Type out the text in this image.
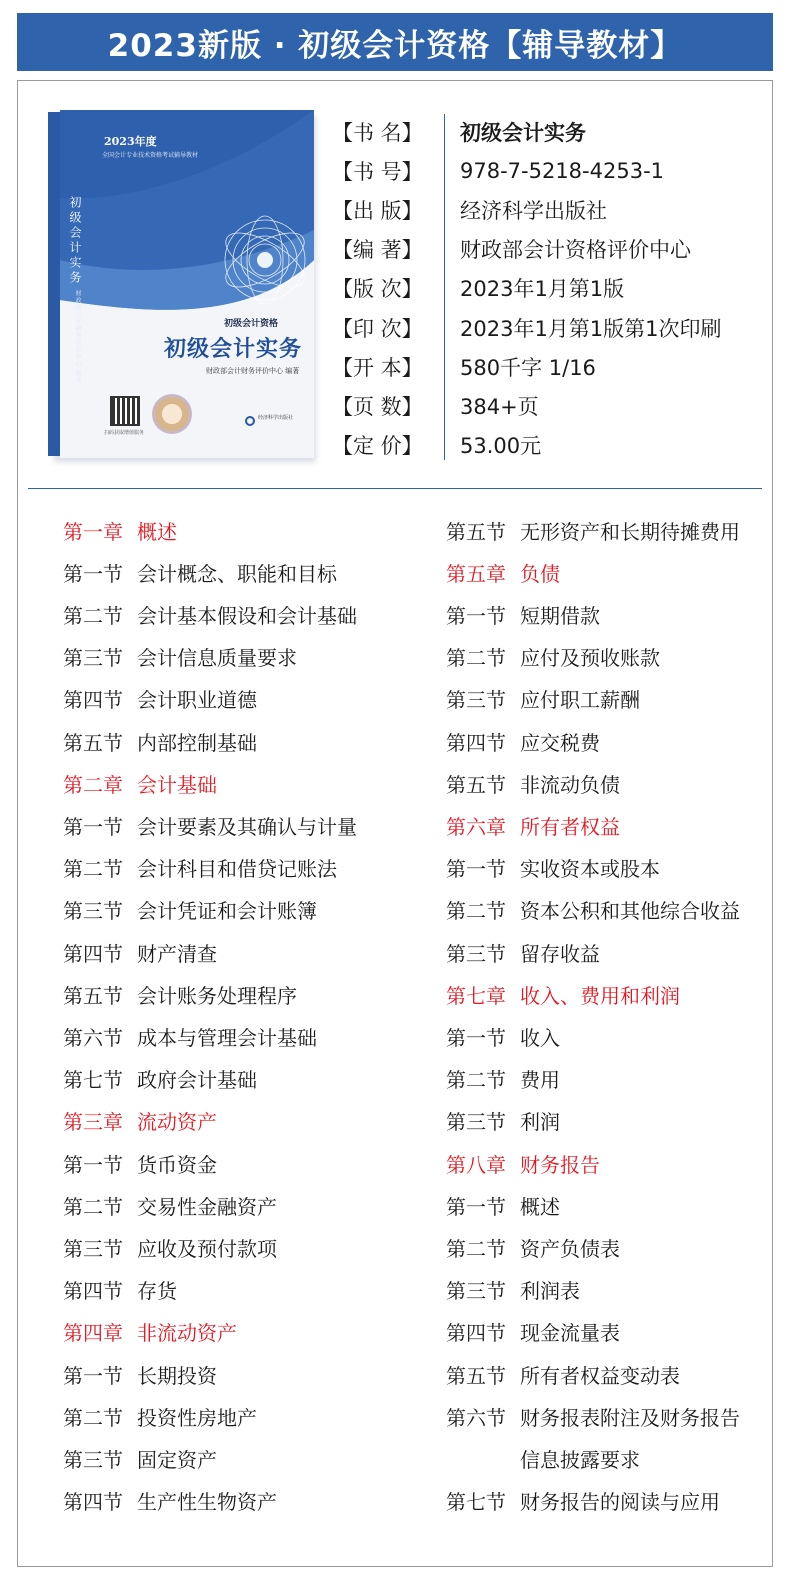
2023新版 · 初级会计资格【辅导教材】
2023年度
全国会计专业技术资格考试辅导教材
初级会计实务
财政部会计财务评价中心 编著	初级会计资格
初级会计实务
财政部会计财务评价中心 编著
扫码获取增值服务
经济科学出版社
【书 名】	初级会计实务
【书 号】	978-7-5218-4253-1
【出 版】	经济科学出版社
【编 著】	财政部会计资格评价中心
【版 次】	2023年1月第1版
【印 次】	2023年1月第1版第1次印刷
【开 本】	580千字 1/16
【页 数】	384+页
【定 价】	53.00元
第一章 概述
第一节 会计概念、职能和目标
第二节 会计基本假设和会计基础
第三节 会计信息质量要求
第四节 会计职业道德
第五节 内部控制基础
第二章 会计基础
第一节 会计要素及其确认与计量
第二节 会计科目和借贷记账法
第三节 会计凭证和会计账簿
第四节 财产清查
第五节 会计账务处理程序
第六节 成本与管理会计基础
第七节 政府会计基础
第三章 流动资产
第一节 货币资金
第二节 交易性金融资产
第三节 应收及预付款项
第四节 存货
第四章 非流动资产
第一节 长期投资
第二节 投资性房地产
第三节 固定资产
第四节 生产性生物资产
第五节 无形资产和长期待摊费用
第五章 负债
第一节 短期借款
第二节 应付及预收账款
第三节 应付职工薪酬
第四节 应交税费
第五节 非流动负债
第六章 所有者权益
第一节 实收资本或股本
第二节 资本公积和其他综合收益
第三节 留存收益
第七章 收入、费用和利润
第一节 收入
第二节 费用
第三节 利润
第八章 财务报告
第一节 概述
第二节 资产负债表
第三节 利润表
第四节 现金流量表
第五节 所有者权益变动表
第六节 财务报表附注及财务报告
信息披露要求
第七节 财务报告的阅读与应用
